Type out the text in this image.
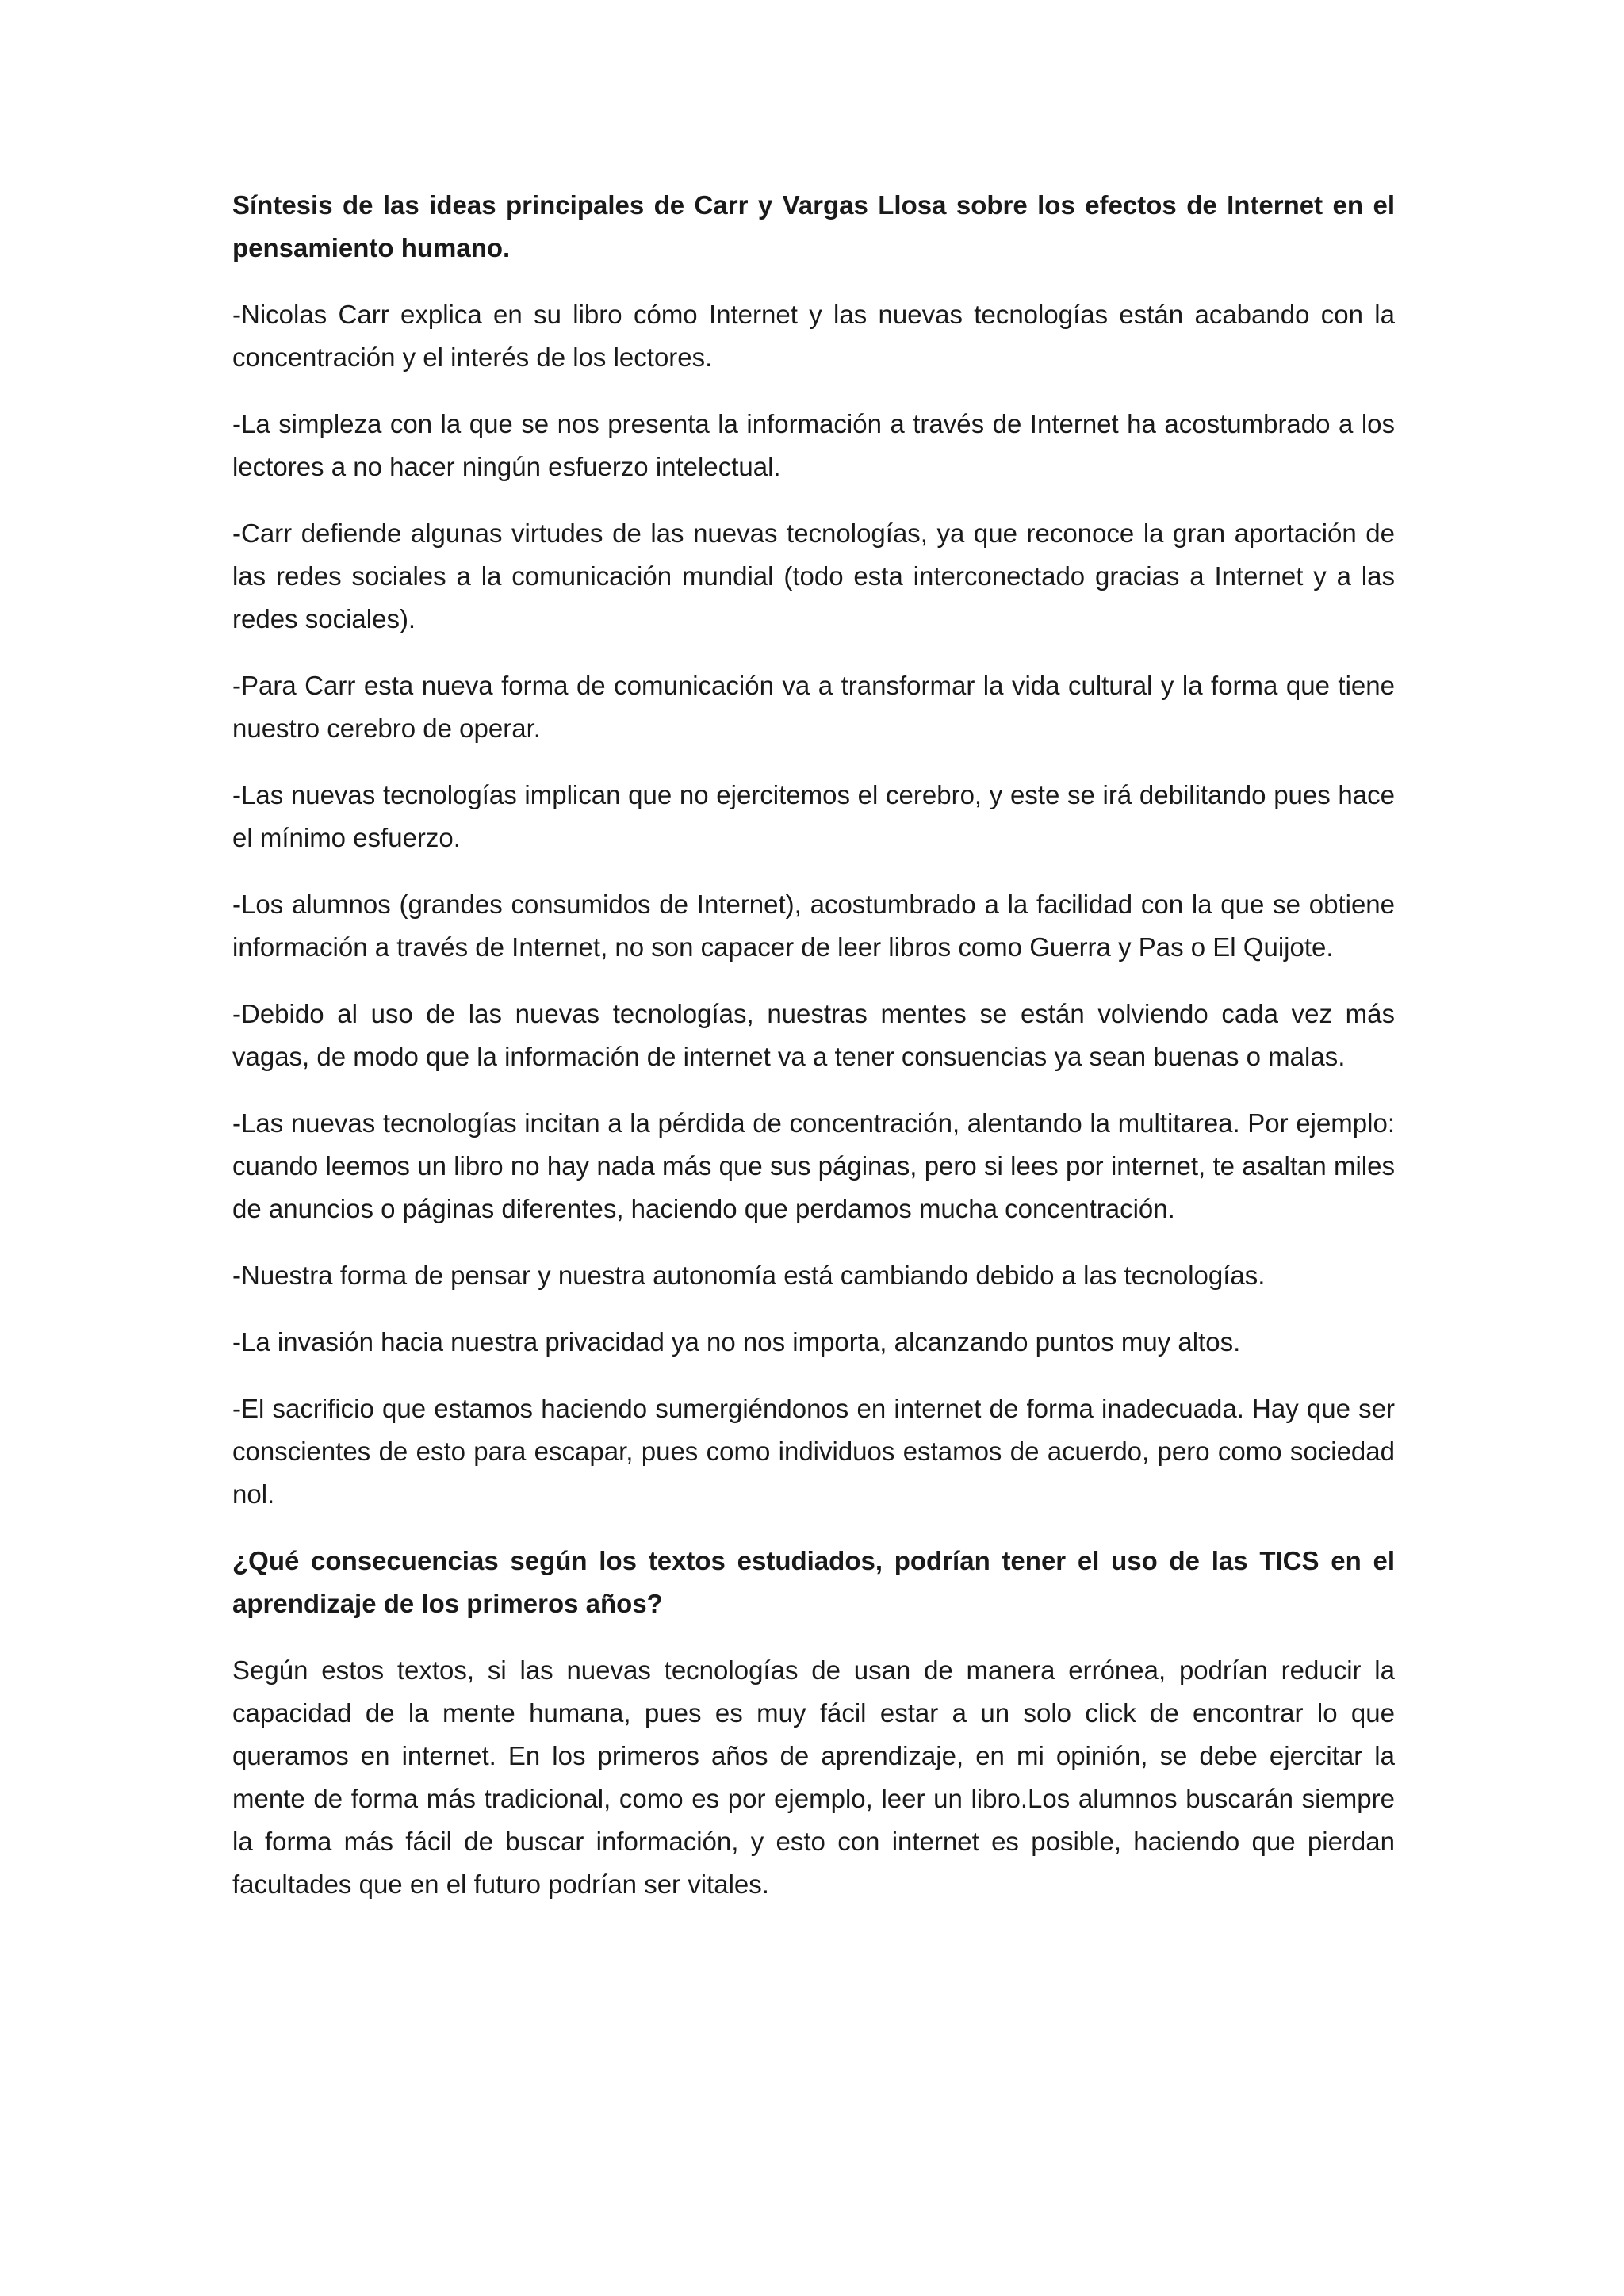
Síntesis de las ideas principales de Carr y Vargas Llosa sobre los efectos de Internet en el pensamiento humano.

-Nicolas Carr explica en su libro cómo Internet y las nuevas tecnologías están acabando con la concentración y el interés de los lectores.

-La simpleza con la que se nos presenta la información a través de Internet ha acostumbrado a los lectores a no hacer ningún esfuerzo intelectual.

-Carr defiende algunas virtudes de las nuevas tecnologías, ya que reconoce la gran aportación de las redes sociales a la comunicación mundial (todo esta interconectado gracias a Internet y a las redes sociales).

-Para Carr esta nueva forma de comunicación va a transformar la vida cultural y la forma que tiene nuestro cerebro de operar.

-Las nuevas tecnologías implican que no ejercitemos el cerebro, y este se irá debilitando pues hace el mínimo esfuerzo.

-Los alumnos (grandes consumidos de Internet), acostumbrado a la facilidad con la que se obtiene información a través de Internet, no son capacer de leer libros como Guerra y Pas o El Quijote.

-Debido al uso de las nuevas tecnologías, nuestras mentes se están volviendo cada vez más vagas, de modo que la información de internet va a tener consuencias ya sean buenas o malas.

-Las nuevas tecnologías incitan a la pérdida de concentración, alentando la multitarea. Por ejemplo: cuando leemos un libro no hay nada más que sus páginas, pero si lees por internet, te asaltan miles de anuncios o páginas diferentes, haciendo que perdamos mucha concentración.

-Nuestra forma de pensar y nuestra autonomía está cambiando debido a las tecnologías.

-La invasión hacia nuestra privacidad ya no nos importa, alcanzando puntos muy altos.

-El sacrificio que estamos haciendo sumergiéndonos en internet de forma inadecuada. Hay que ser conscientes de esto para escapar, pues como individuos estamos de acuerdo, pero como sociedad nol.

¿Qué consecuencias según los textos estudiados, podrían tener el uso de las TICS en el aprendizaje de los primeros años?

Según estos textos, si las nuevas tecnologías de usan de manera errónea, podrían reducir la capacidad de la mente humana, pues es muy fácil estar a un solo click de encontrar lo que queramos en internet. En los primeros años de aprendizaje, en mi opinión, se debe ejercitar la mente de forma más tradicional, como es por ejemplo, leer un libro.Los alumnos buscarán siempre la forma más fácil de buscar información, y esto con internet es posible, haciendo que pierdan facultades que en el futuro podrían ser vitales.
